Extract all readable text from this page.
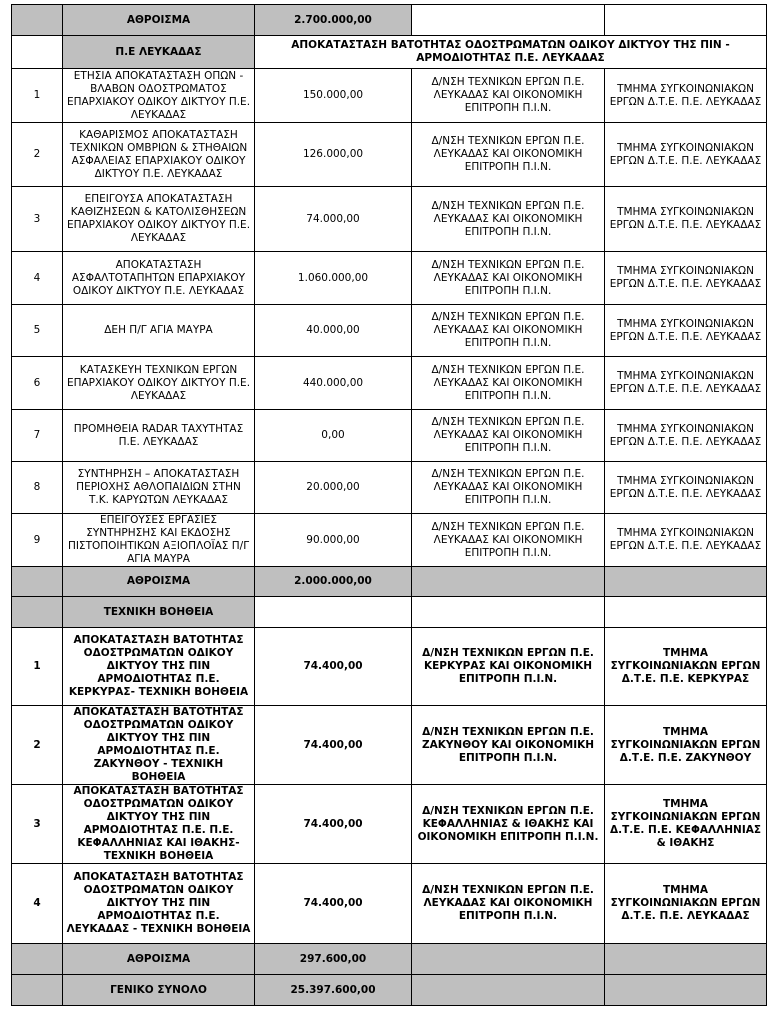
	ΑΘΡΟΙΣΜΑ	2.700.000,00		
	Π.Ε ΛΕΥΚΑΔΑΣ	ΑΠΟΚΑΤΑΣΤΑΣΗ ΒΑΤΟΤΗΤΑΣ ΟΔΟΣΤΡΩΜΑΤΩΝ ΟΔΙΚΟΥ ΔΙΚΤΥΟΥ ΤΗΣ ΠΙΝ - ΑΡΜΟΔΙΟΤΗΤΑΣ Π.Ε. ΛΕΥΚΑΔΑΣ		
1	ΕΤΗΣΙΑ ΑΠΟΚΑΤΑΣΤΑΣΗ ΟΠΩΝ - ΒΛΑΒΩΝ ΟΔΟΣΤΡΩΜΑΤΟΣ ΕΠΑΡΧΙΑΚΟΥ ΟΔΙΚΟΥ ΔΙΚΤΥΟΥ Π.Ε. ΛΕΥΚΑΔΑΣ	150.000,00	Δ/ΝΣΗ ΤΕΧΝΙΚΩΝ ΕΡΓΩΝ Π.Ε. ΛΕΥΚΑΔΑΣ ΚΑΙ ΟΙΚΟΝΟΜΙΚΗ ΕΠΙΤΡΟΠΗ Π.Ι.Ν.	ΤΜΗΜΑ ΣΥΓΚΟΙΝΩΝΙΑΚΩΝ ΕΡΓΩΝ Δ.Τ.Ε. Π.Ε. ΛΕΥΚΑΔΑΣ
2	ΚΑΘΑΡΙΣΜΟΣ ΑΠΟΚΑΤΑΣΤΑΣΗ ΤΕΧΝΙΚΩΝ ΟΜΒΡΙΩΝ & ΣΤΗΘΑΙΩΝ ΑΣΦΑΛΕΙΑΣ ΕΠΑΡΧΙΑΚΟΥ ΟΔΙΚΟΥ ΔΙΚΤΥΟΥ Π.Ε. ΛΕΥΚΑΔΑΣ	126.000,00	Δ/ΝΣΗ ΤΕΧΝΙΚΩΝ ΕΡΓΩΝ Π.Ε. ΛΕΥΚΑΔΑΣ ΚΑΙ ΟΙΚΟΝΟΜΙΚΗ ΕΠΙΤΡΟΠΗ Π.Ι.Ν.	ΤΜΗΜΑ ΣΥΓΚΟΙΝΩΝΙΑΚΩΝ ΕΡΓΩΝ Δ.Τ.Ε. Π.Ε. ΛΕΥΚΑΔΑΣ
3	ΕΠΕΙΓΟΥΣΑ ΑΠΟΚΑΤΑΣΤΑΣΗ ΚΑΘΙΖΗΣΕΩΝ & ΚΑΤΟΛΙΣΘΗΣΕΩΝ ΕΠΑΡΧΙΑΚΟΥ ΟΔΙΚΟΥ ΔΙΚΤΥΟΥ Π.Ε. ΛΕΥΚΑΔΑΣ	74.000,00	Δ/ΝΣΗ ΤΕΧΝΙΚΩΝ ΕΡΓΩΝ Π.Ε. ΛΕΥΚΑΔΑΣ ΚΑΙ ΟΙΚΟΝΟΜΙΚΗ ΕΠΙΤΡΟΠΗ Π.Ι.Ν.	ΤΜΗΜΑ ΣΥΓΚΟΙΝΩΝΙΑΚΩΝ ΕΡΓΩΝ Δ.Τ.Ε. Π.Ε. ΛΕΥΚΑΔΑΣ
4	ΑΠΟΚΑΤΑΣΤΑΣΗ ΑΣΦΑΛΤΟΤΑΠΗΤΩΝ ΕΠΑΡΧΙΑΚΟΥ ΟΔΙΚΟΥ ΔΙΚΤΥΟΥ Π.Ε. ΛΕΥΚΑΔΑΣ	1.060.000,00	Δ/ΝΣΗ ΤΕΧΝΙΚΩΝ ΕΡΓΩΝ Π.Ε. ΛΕΥΚΑΔΑΣ ΚΑΙ ΟΙΚΟΝΟΜΙΚΗ ΕΠΙΤΡΟΠΗ Π.Ι.Ν.	ΤΜΗΜΑ ΣΥΓΚΟΙΝΩΝΙΑΚΩΝ ΕΡΓΩΝ Δ.Τ.Ε. Π.Ε. ΛΕΥΚΑΔΑΣ
5	ΔΕΗ Π/Γ ΑΓΙΑ ΜΑΥΡΑ	40.000,00	Δ/ΝΣΗ ΤΕΧΝΙΚΩΝ ΕΡΓΩΝ Π.Ε. ΛΕΥΚΑΔΑΣ ΚΑΙ ΟΙΚΟΝΟΜΙΚΗ ΕΠΙΤΡΟΠΗ Π.Ι.Ν.	ΤΜΗΜΑ ΣΥΓΚΟΙΝΩΝΙΑΚΩΝ ΕΡΓΩΝ Δ.Τ.Ε. Π.Ε. ΛΕΥΚΑΔΑΣ
6	ΚΑΤΑΣΚΕΥΗ ΤΕΧΝΙΚΩΝ ΕΡΓΩΝ ΕΠΑΡΧΙΑΚΟΥ ΟΔΙΚΟΥ ΔΙΚΤΥΟΥ Π.Ε. ΛΕΥΚΑΔΑΣ	440.000,00	Δ/ΝΣΗ ΤΕΧΝΙΚΩΝ ΕΡΓΩΝ Π.Ε. ΛΕΥΚΑΔΑΣ ΚΑΙ ΟΙΚΟΝΟΜΙΚΗ ΕΠΙΤΡΟΠΗ Π.Ι.Ν.	ΤΜΗΜΑ ΣΥΓΚΟΙΝΩΝΙΑΚΩΝ ΕΡΓΩΝ Δ.Τ.Ε. Π.Ε. ΛΕΥΚΑΔΑΣ
7	ΠΡΟΜΗΘΕΙΑ RADAR ΤΑΧΥΤΗΤΑΣ Π.Ε. ΛΕΥΚΑΔΑΣ	0,00	Δ/ΝΣΗ ΤΕΧΝΙΚΩΝ ΕΡΓΩΝ Π.Ε. ΛΕΥΚΑΔΑΣ ΚΑΙ ΟΙΚΟΝΟΜΙΚΗ ΕΠΙΤΡΟΠΗ Π.Ι.Ν.	ΤΜΗΜΑ ΣΥΓΚΟΙΝΩΝΙΑΚΩΝ ΕΡΓΩΝ Δ.Τ.Ε. Π.Ε. ΛΕΥΚΑΔΑΣ
8	ΣΥΝΤΗΡΗΣΗ – ΑΠΟΚΑΤΑΣΤΑΣΗ ΠΕΡΙΟΧΗΣ ΑΘΛΟΠΑΙΔΙΩΝ ΣΤΗΝ Τ.Κ. ΚΑΡΥΩΤΩΝ ΛΕΥΚΑΔΑΣ	20.000,00	Δ/ΝΣΗ ΤΕΧΝΙΚΩΝ ΕΡΓΩΝ Π.Ε. ΛΕΥΚΑΔΑΣ ΚΑΙ ΟΙΚΟΝΟΜΙΚΗ ΕΠΙΤΡΟΠΗ Π.Ι.Ν.	ΤΜΗΜΑ ΣΥΓΚΟΙΝΩΝΙΑΚΩΝ ΕΡΓΩΝ Δ.Τ.Ε. Π.Ε. ΛΕΥΚΑΔΑΣ
9	ΕΠΕΙΓΟΥΣΕΣ ΕΡΓΑΣΙΕΣ ΣΥΝΤΗΡΗΣΗΣ ΚΑΙ ΕΚΔΟΣΗΣ ΠΙΣΤΟΠΟΙΗΤΙΚΩΝ ΑΞΙΟΠΛΟΪΑΣ Π/Γ ΑΓΙΑ ΜΑΥΡΑ	90.000,00	Δ/ΝΣΗ ΤΕΧΝΙΚΩΝ ΕΡΓΩΝ Π.Ε. ΛΕΥΚΑΔΑΣ ΚΑΙ ΟΙΚΟΝΟΜΙΚΗ ΕΠΙΤΡΟΠΗ Π.Ι.Ν.	ΤΜΗΜΑ ΣΥΓΚΟΙΝΩΝΙΑΚΩΝ ΕΡΓΩΝ Δ.Τ.Ε. Π.Ε. ΛΕΥΚΑΔΑΣ
	ΑΘΡΟΙΣΜΑ	2.000.000,00		
	ΤΕΧΝΙΚΗ ΒΟΗΘΕΙΑ			
1	ΑΠΟΚΑΤΑΣΤΑΣΗ ΒΑΤΟΤΗΤΑΣ ΟΔΟΣΤΡΩΜΑΤΩΝ ΟΔΙΚΟΥ ΔΙΚΤΥΟΥ ΤΗΣ ΠΙΝ ΑΡΜΟΔΙΟΤΗΤΑΣ Π.Ε. ΚΕΡΚΥΡΑΣ- ΤΕΧΝΙΚΗ ΒΟΗΘΕΙΑ	74.400,00	Δ/ΝΣΗ ΤΕΧΝΙΚΩΝ ΕΡΓΩΝ Π.Ε. ΚΕΡΚΥΡΑΣ ΚΑΙ ΟΙΚΟΝΟΜΙΚΗ ΕΠΙΤΡΟΠΗ Π.Ι.Ν.	ΤΜΗΜΑ ΣΥΓΚΟΙΝΩΝΙΑΚΩΝ ΕΡΓΩΝ Δ.Τ.Ε. Π.Ε. ΚΕΡΚΥΡΑΣ
2	ΑΠΟΚΑΤΑΣΤΑΣΗ ΒΑΤΟΤΗΤΑΣ ΟΔΟΣΤΡΩΜΑΤΩΝ ΟΔΙΚΟΥ ΔΙΚΤΥΟΥ ΤΗΣ ΠΙΝ ΑΡΜΟΔΙΟΤΗΤΑΣ Π.Ε. ΖΑΚΥΝΘΟΥ - ΤΕΧΝΙΚΗ ΒΟΗΘΕΙΑ	74.400,00	Δ/ΝΣΗ ΤΕΧΝΙΚΩΝ ΕΡΓΩΝ Π.Ε. ΖΑΚΥΝΘΟΥ ΚΑΙ ΟΙΚΟΝΟΜΙΚΗ ΕΠΙΤΡΟΠΗ Π.Ι.Ν.	ΤΜΗΜΑ ΣΥΓΚΟΙΝΩΝΙΑΚΩΝ ΕΡΓΩΝ Δ.Τ.Ε. Π.Ε. ΖΑΚΥΝΘΟΥ
3	ΑΠΟΚΑΤΑΣΤΑΣΗ ΒΑΤΟΤΗΤΑΣ ΟΔΟΣΤΡΩΜΑΤΩΝ ΟΔΙΚΟΥ ΔΙΚΤΥΟΥ ΤΗΣ ΠΙΝ ΑΡΜΟΔΙΟΤΗΤΑΣ Π.Ε. Π.Ε. ΚΕΦΑΛΛΗΝΙΑΣ ΚΑΙ ΙΘΑΚΗΣ- ΤΕΧΝΙΚΗ ΒΟΗΘΕΙΑ	74.400,00	Δ/ΝΣΗ ΤΕΧΝΙΚΩΝ ΕΡΓΩΝ Π.Ε. ΚΕΦΑΛΛΗΝΙΑΣ & ΙΘΑΚΗΣ ΚΑΙ ΟΙΚΟΝΟΜΙΚΗ ΕΠΙΤΡΟΠΗ Π.Ι.Ν.	ΤΜΗΜΑ ΣΥΓΚΟΙΝΩΝΙΑΚΩΝ ΕΡΓΩΝ Δ.Τ.Ε. Π.Ε. ΚΕΦΑΛΛΗΝΙΑΣ & ΙΘΑΚΗΣ
4	ΑΠΟΚΑΤΑΣΤΑΣΗ ΒΑΤΟΤΗΤΑΣ ΟΔΟΣΤΡΩΜΑΤΩΝ ΟΔΙΚΟΥ ΔΙΚΤΥΟΥ ΤΗΣ ΠΙΝ ΑΡΜΟΔΙΟΤΗΤΑΣ Π.Ε. ΛΕΥΚΑΔΑΣ - ΤΕΧΝΙΚΗ ΒΟΗΘΕΙΑ	74.400,00	Δ/ΝΣΗ ΤΕΧΝΙΚΩΝ ΕΡΓΩΝ Π.Ε. ΛΕΥΚΑΔΑΣ ΚΑΙ ΟΙΚΟΝΟΜΙΚΗ ΕΠΙΤΡΟΠΗ Π.Ι.Ν.	ΤΜΗΜΑ ΣΥΓΚΟΙΝΩΝΙΑΚΩΝ ΕΡΓΩΝ Δ.Τ.Ε. Π.Ε. ΛΕΥΚΑΔΑΣ
	ΑΘΡΟΙΣΜΑ	297.600,00		
	ΓΕΝΙΚΟ ΣΥΝΟΛΟ	25.397.600,00		
